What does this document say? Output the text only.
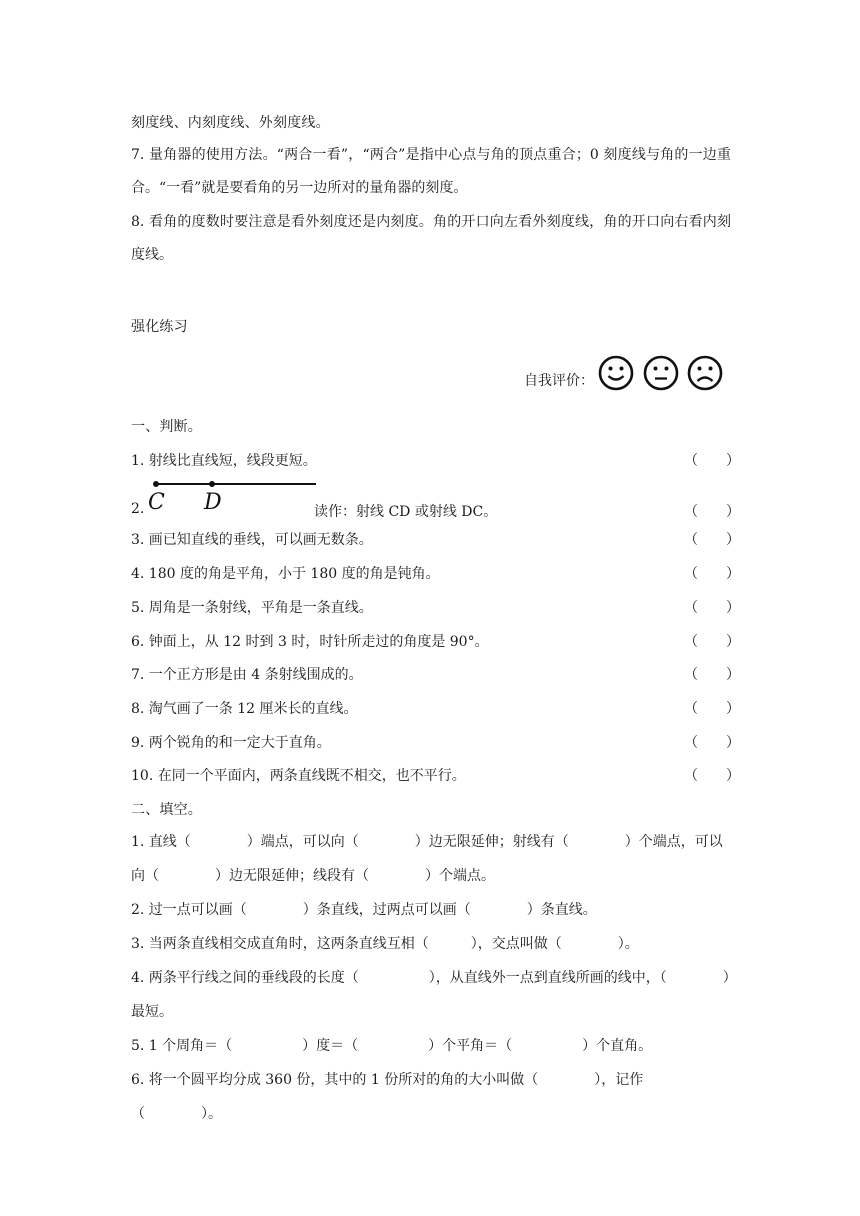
刻度线、内刻度线、外刻度线。
7. 量角器的使用方法。“两合一看”，“两合”是指中心点与角的顶点重合；0 刻度线与角的一边重合。“一看”就是要看角的另一边所对的量角器的刻度。
8. 看角的度数时要注意是看外刻度还是内刻度。角的开口向左看外刻度线，角的开口向右看内刻度线。
强化练习
自我评价：
一、判断。
1. 射线比直线短，线段更短。	（　　）
2.	读作：射线 CD 或射线 DC。
C D	（　　）
3. 画已知直线的垂线，可以画无数条。	（　　）
4. 180 度的角是平角，小于 180 度的角是钝角。	（　　）
5. 周角是一条射线，平角是一条直线。	（　　）
6. 钟面上，从 12 时到 3 时，时针所走过的角度是 90°。	（　　）
7. 一个正方形是由 4 条射线围成的。	（　　）
8. 淘气画了一条 12 厘米长的直线。	（　　）
9. 两个锐角的和一定大于直角。	（　　）
10. 在同一个平面内，两条直线既不相交，也不平行。	（　　）
二、填空。
1. 直线（　　　　）端点，可以向（　　　　）边无限延伸；射线有（　　　　）个端点，可以向（　　　　）边无限延伸；线段有（　　　　）个端点。
2. 过一点可以画（　　　　）条直线，过两点可以画（　　　　）条直线。
3. 当两条直线相交成直角时，这两条直线互相（　　　），交点叫做（　　　　）。
4. 两条平行线之间的垂线段的长度（　　　　　），从直线外一点到直线所画的线中，（　　　　）最短。
5. 1 个周角＝（　　　　　）度＝（　　　　　）个平角＝（　　　　　）个直角。
6. 将一个圆平均分成 360 份，其中的 1 份所对的角的大小叫做（　　　　），记作（　　　　）。
